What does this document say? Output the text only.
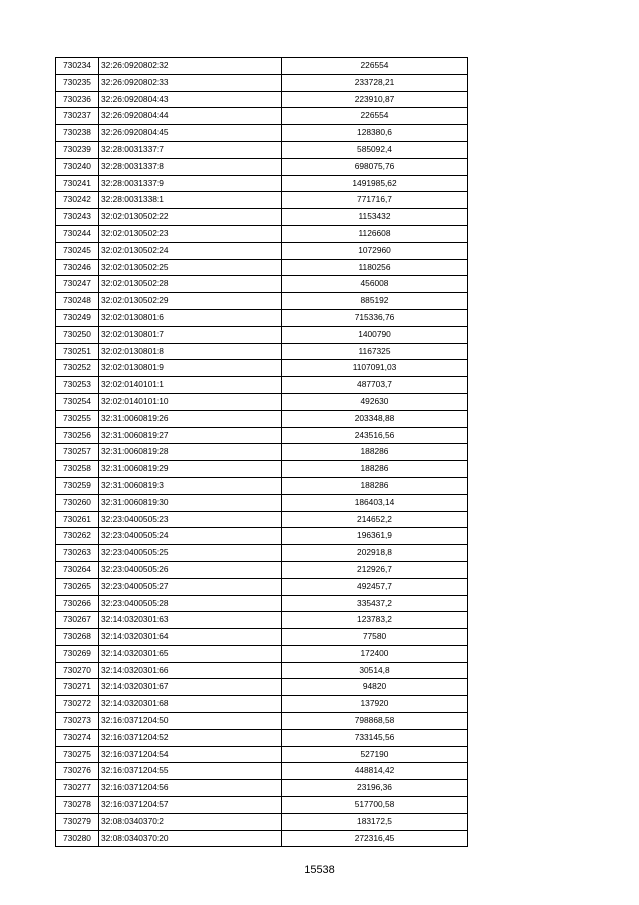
730234	32:26:0920802:32	226554
730235	32:26:0920802:33	233728,21
730236	32:26:0920804:43	223910,87
730237	32:26:0920804:44	226554
730238	32:26:0920804:45	128380,6
730239	32:28:0031337:7	585092,4
730240	32:28:0031337:8	698075,76
730241	32:28:0031337:9	1491985,62
730242	32:28:0031338:1	771716,7
730243	32:02:0130502:22	1153432
730244	32:02:0130502:23	1126608
730245	32:02:0130502:24	1072960
730246	32:02:0130502:25	1180256
730247	32:02:0130502:28	456008
730248	32:02:0130502:29	885192
730249	32:02:0130801:6	715336,76
730250	32:02:0130801:7	1400790
730251	32:02:0130801:8	1167325
730252	32:02:0130801:9	1107091,03
730253	32:02:0140101:1	487703,7
730254	32:02:0140101:10	492630
730255	32:31:0060819:26	203348,88
730256	32:31:0060819:27	243516,56
730257	32:31:0060819:28	188286
730258	32:31:0060819:29	188286
730259	32:31:0060819:3	188286
730260	32:31:0060819:30	186403,14
730261	32:23:0400505:23	214652,2
730262	32:23:0400505:24	196361,9
730263	32:23:0400505:25	202918,8
730264	32:23:0400505:26	212926,7
730265	32:23:0400505:27	492457,7
730266	32:23:0400505:28	335437,2
730267	32:14:0320301:63	123783,2
730268	32:14:0320301:64	77580
730269	32:14:0320301:65	172400
730270	32:14:0320301:66	30514,8
730271	32:14:0320301:67	94820
730272	32:14:0320301:68	137920
730273	32:16:0371204:50	798868,58
730274	32:16:0371204:52	733145,56
730275	32:16:0371204:54	527190
730276	32:16:0371204:55	448814,42
730277	32:16:0371204:56	23196,36
730278	32:16:0371204:57	517700,58
730279	32:08:0340370:2	183172,5
730280	32:08:0340370:20	272316,45
15538
